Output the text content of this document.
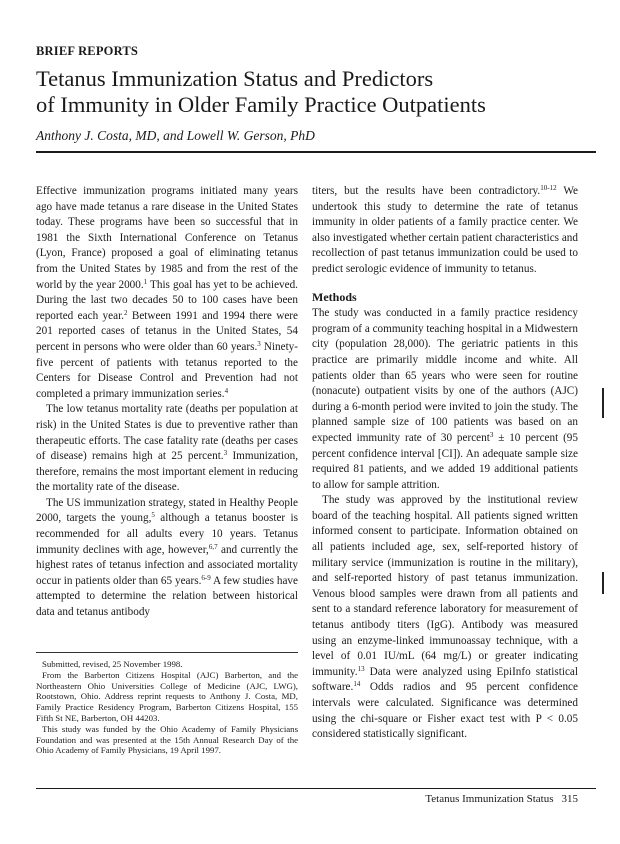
BRIEF REPORTS
Tetanus Immunization Status and Predictors
of Immunity in Older Family Practice Outpatients
Anthony J. Costa, MD, and Lowell W. Gerson, PhD

Effective immunization programs initiated many years ago have made tetanus a rare disease in the United States today. These programs have been so successful that in 1981 the Sixth International Conference on Tetanus (Lyon, France) proposed a goal of eliminating tetanus from the United States by 1985 and from the rest of the world by the year 2000.$^1$ This goal has yet to be achieved. During the last two decades 50 to 100 cases have been reported each year.$^2$ Between 1991 and 1994 there were 201 reported cases of tetanus in the United States, 54 percent in persons who were older than 60 years.$^3$ Ninety-five percent of patients with tetanus reported to the Centers for Disease Control and Prevention had not completed a primary immunization series.$^4$

The low tetanus mortality rate (deaths per population at risk) in the United States is due to preventive rather than therapeutic efforts. The case fatality rate (deaths per cases of disease) remains high at 25 percent.$^3$ Immunization, therefore, remains the most important element in reducing the mortality rate of the disease.

The US immunization strategy, stated in Healthy People 2000, targets the young,$^5$ although a tetanus booster is recommended for all adults every 10 years. Tetanus immunity declines with age, however,$^{6,7}$ and currently the highest rates of tetanus infection and associated mortality occur in patients older than 65 years.$^{6-9}$ A few studies have attempted to determine the relation between historical data and tetanus antibody

Submitted, revised, 25 November 1998.

From the Barberton Citizens Hospital (AJC) Barberton, and the Northeastern Ohio Universities College of Medicine (AJC, LWG), Rootstown, Ohio. Address reprint requests to Anthony J. Costa, MD, Family Practice Residency Program, Barberton Citizens Hospital, 155 Fifth St NE, Barberton, OH 44203.

This study was funded by the Ohio Academy of Family Physicians Foundation and was presented at the 15th Annual Research Day of the Ohio Academy of Family Physicians, 19 April 1997.

titers, but the results have been contradictory.$^{10-12}$ We undertook this study to determine the rate of tetanus immunity in older patients of a family practice center. We also investigated whether certain patient characteristics and recollection of past tetanus immunization could be used to predict serologic evidence of immunity to tetanus.

Methods

The study was conducted in a family practice residency program of a community teaching hospital in a Midwestern city (population 28,000). The geriatric patients in this practice are primarily middle income and white. All patients older than 65 years who were seen for routine (nonacute) outpatient visits by one of the authors (AJC) during a 6-month period were invited to join the study. The planned sample size of 100 patients was based on an expected immunity rate of 30 percent$^3$ ± 10 percent (95 percent confidence interval [CI]). An adequate sample size required 81 patients, and we added 19 additional patients to allow for sample attrition.

The study was approved by the institutional review board of the teaching hospital. All patients signed written informed consent to participate. Information obtained on all patients included age, sex, self-reported history of military service (immunization is routine in the military), and self-reported history of past tetanus immunization. Venous blood samples were drawn from all patients and sent to a standard reference laboratory for measurement of tetanus antibody titers (IgG). Antibody was measured using an enzyme-linked immunoassay technique, with a level of 0.01 IU/mL (64 mg/L) or greater indicating immunity.$^{13}$ Data were analyzed using EpiInfo statistical software.$^{14}$ Odds radios and 95 percent confidence intervals were calculated. Significance was determined using the chi-square or Fisher exact test with P < 0.05 considered statistically significant.

Tetanus Immunization Status 315
